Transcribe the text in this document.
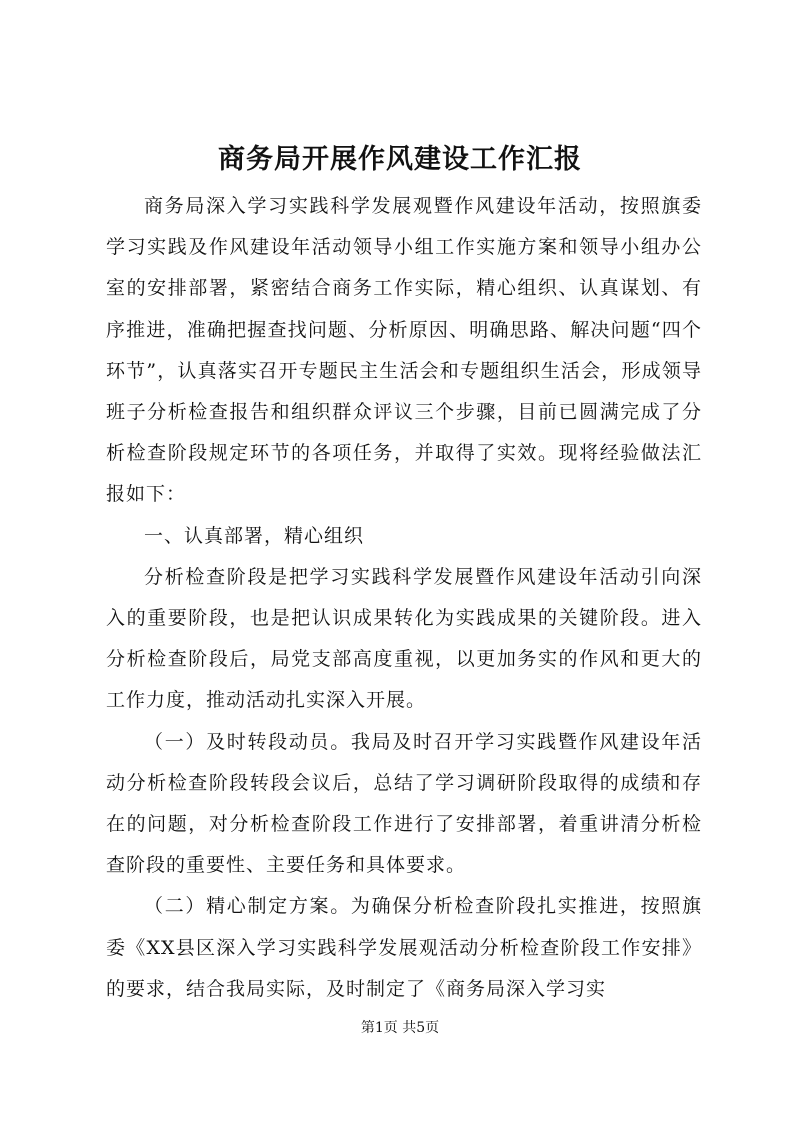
商务局开展作风建设工作汇报

商务局深入学习实践科学发展观暨作风建设年活动，按照旗委学习实践及作风建设年活动领导小组工作实施方案和领导小组办公室的安排部署，紧密结合商务工作实际，精心组织、认真谋划、有序推进，准确把握查找问题、分析原因、明确思路、解决问题“四个环节”，认真落实召开专题民主生活会和专题组织生活会，形成领导班子分析检查报告和组织群众评议三个步骤，目前已圆满完成了分析检查阶段规定环节的各项任务，并取得了实效。现将经验做法汇报如下：

一、认真部署，精心组织

分析检查阶段是把学习实践科学发展暨作风建设年活动引向深入的重要阶段，也是把认识成果转化为实践成果的关键阶段。进入分析检查阶段后，局党支部高度重视，以更加务实的作风和更大的工作力度，推动活动扎实深入开展。

（一）及时转段动员。我局及时召开学习实践暨作风建设年活动分析检查阶段转段会议后，总结了学习调研阶段取得的成绩和存在的问题，对分析检查阶段工作进行了安排部署，着重讲清分析检查阶段的重要性、主要任务和具体要求。

（二）精心制定方案。为确保分析检查阶段扎实推进，按照旗委《XX县区深入学习实践科学发展观活动分析检查阶段工作安排》的要求，结合我局实际，及时制定了《商务局深入学习实

第1页 共5页
